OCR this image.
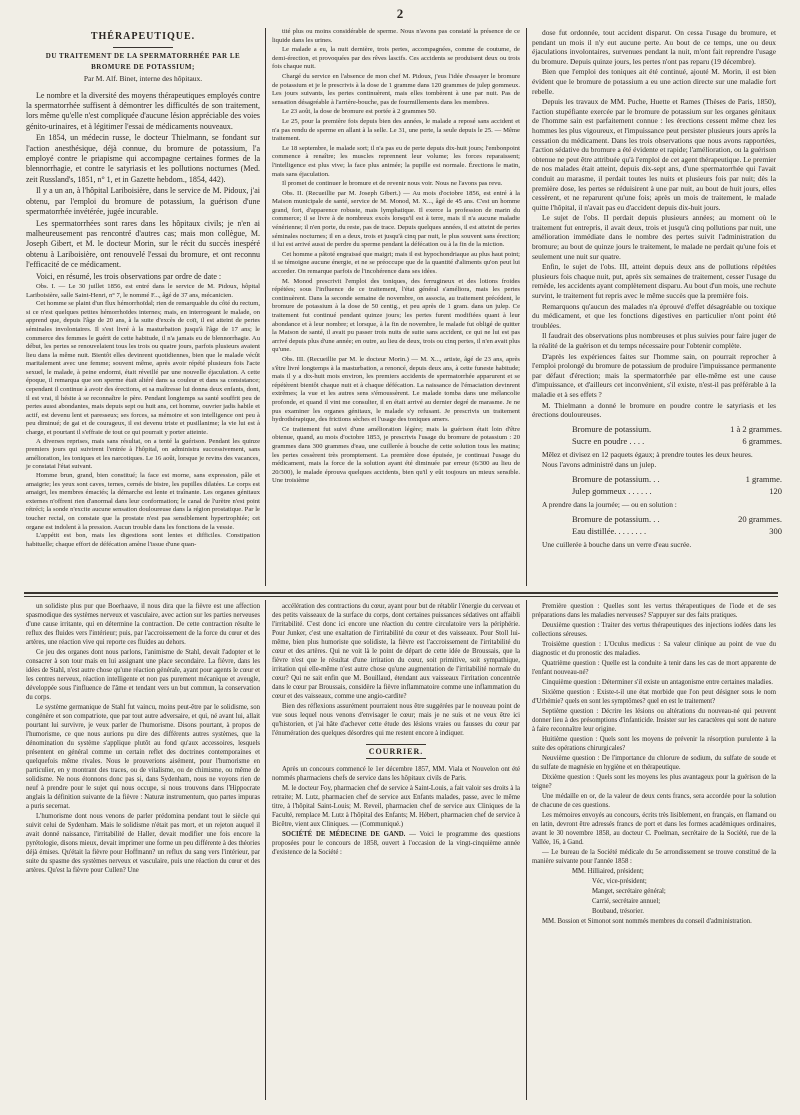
2
THÉRAPEUTIQUE.
DU TRAITEMENT DE LA SPERMATORRHÉE PAR LE BROMURE DE POTASSIUM;
Par M. Alf. Binet, interne des hôpitaux.

Le nombre et la diversité des moyens thérapeutiques employés contre la spermatorrhée suffisent à démontrer les difficultés de son traitement, lors même qu'elle n'est compliquée d'aucune lésion appréciable des voies génito-urinaires, et à légitimer l'essai de médicaments nouveaux.

En 1854, un médecin russe, le docteur Thielmann, se fondant sur l'action anesthésique, déjà connue, du bromure de potassium, l'a employé contre le priapisme qui accompagne certaines formes de la blennorrhagie, et contre le satyriasis et les pollutions nocturnes (Med. zeit Russland's, 1851, n° 1, et in Gazette hebdom., 1854, 442).

Il y a un an, à l'hôpital Lariboisière, dans le service de M. Pidoux, j'ai obtenu, par l'emploi du bromure de potassium, la guérison d'une spermatorrhée invétérée, jugée incurable.

Les spermatorrhées sont rares dans les hôpitaux civils; je n'en ai malheureusement pas rencontré d'autres cas; mais mon collègue, M. Joseph Gibert, et M. le docteur Morin, sur le récit du succès inespéré obtenu à Lariboisière, ont renouvelé l'essai du bromure, et ont reconnu l'efficacité de ce médicament.

Voici, en résumé, les trois observations par ordre de date :

Obs. I. — Le 30 juillet 1856, est entré dans le service de M. Pidoux, hôpital Lariboisière, salle Saint-Henri, n° 7, le nommé F..., âgé de 37 ans, mécanicien.

Cet homme se plaint d'un flux hémorrhoïdal; rien de remarquable du côté du rectum, si ce n'est quelques petites hémorrhoïdes internes; mais, en interrogeant le malade, on apprend que, depuis l'âge de 20 ans, à la suite d'excès de coït, il est atteint de pertes séminales involontaires. Il s'est livré à la masturbation jusqu'à l'âge de 17 ans; le commerce des femmes le guérit de cette habitude, il n'a jamais eu de blennorrhagie. Au début, les pertes se renouvelaient tous les trois ou quatre jours, parfois plusieurs avaient lieu dans la même nuit. Bientôt elles devinrent quotidiennes, bien que le malade vécût maritalement avec une femme; souvent même, après avoir répété plusieurs fois l'acte sexuel, le malade, à peine endormi, était réveillé par une nouvelle éjaculation. A cette époque, il remarqua que son sperme était altéré dans sa couleur et dans sa consistance; cependant il continue à avoir des érections, et sa maîtresse lui donna deux enfants, dont, il est vrai, il hésite à se reconnaître le père. Pendant longtemps sa santé souffrit peu de pertes aussi abondantes, mais depuis sept ou huit ans, cet homme, ouvrier jadis habile et actif, est devenu lent et paresseux; ses forces, sa mémoire et son intelligence ont peu à peu diminué; de gai et de courageux, il est devenu triste et pusillanime; la vie lui est à charge, et pourtant il s'effraie de tout ce qui pourrait y porter atteinte.

A diverses reprises, mais sans résultat, on a tenté la guérison. Pendant les quinze premiers jours qui suivirent l'entrée à l'hôpital, on administra successivement, sans amélioration, les toniques et les narcotiques. Le 16 août, lorsque je revins des vacances, je constatai l'état suivant.

Homme brun, grand, bien constitué; la face est morne, sans expression, pâle et amaigrie; les yeux sont caves, ternes, cernés de bistre, les pupilles dilatées. Le corps est amaigri, les membres émaciés; la démarche est lente et traînante. Les organes génitaux externes n'offrent rien d'anormal dans leur conformation; le canal de l'urètre n'est point rétréci; la sonde n'excite aucune sensation douloureuse dans la région prostatique. Par le toucher rectal, on constate que la prostate n'est pas sensiblement hypertrophiée; cet organe est indolent à la pression. Aucun trouble dans les fonctions de la vessie.

L'appétit est bon, mais les digestions sont lentes et difficiles. Constipation habituelle; chaque effort de défécation amène l'issue d'une quan-

tité plus ou moins considérable de sperme. Nous n'avons pas constaté la présence de ce liquide dans les urines.

Le malade a eu, la nuit dernière, trois pertes, accompagnées, comme de coutume, de demi-érection, et provoquées par des rêves lascifs. Ces accidents se produisent deux ou trois fois chaque nuit.

Chargé du service en l'absence de mon chef M. Pidoux, j'eus l'idée d'essayer le bromure de potassium et je le prescrivis à la dose de 1 gramme dans 120 grammes de julep gommeux. Les jours suivants, les pertes continuèrent, mais elles tombèrent à une par nuit. Pas de sensation désagréable à l'arrière-bouche, pas de fourmillements dans les membres.

Le 23 août, la dose de bromure est portée à 2 grammes 50.

Le 25, pour la première fois depuis bien des années, le malade a reposé sans accident et n'a pas rendu de sperme en allant à la selle. Le 31, une perte, la seule depuis le 25. — Même traitement.

Le 18 septembre, le malade sort; il n'a pas eu de perte depuis dix-huit jours; l'embonpoint commence à renaître; les muscles reprennent leur volume; les forces reparaissent; l'intelligence est plus vive; la face plus animée; la pupille est normale. Érections le matin, mais sans éjaculation.

Il promet de continuer le bromure et de revenir nous voir. Nous ne l'avons pas revu.

Obs. II. (Recueillie par M. Joseph Gibert.) — Au mois d'octobre 1856, est entré à la Maison municipale de santé, service de M. Monod, M. X..., âgé de 45 ans. C'est un homme grand, fort, d'apparence robuste, mais lymphatique. Il exerce la profession de marin du commerce; il se livre à de nombreux excès lorsqu'il est à terre, mais il n'a aucune maladie vénérienne; il n'en porte, du reste, pas de trace. Depuis quelques années, il est atteint de pertes séminales nocturnes; il en a deux, trois et jusqu'à cinq par nuit, le plus souvent sans érection; il lui est arrivé aussi de perdre du sperme pendant la défécation ou à la fin de la miction.

Cet homme a pâtoté engraissé que maigri; mais il est hypochondriaque au plus haut point; il se témoigne aucune énergie, et ne se préoccupe que de la quantité d'aliments qu'on peut lui accorder. On remarque parfois de l'incohérence dans ses idées.

M. Monod prescrivit l'emploi des toniques, des ferrugineux et des lotions froides répétées; sous l'influence de ce traitement, l'état général s'améliora, mais les pertes continuèrent. Dans la seconde semaine de novembre, on associa, au traitement précédent, le bromure de potassium à la dose de 50 centig., et peu après de 1 gram. dans un julep. Ce traitement fut continué pendant quinze jours; les pertes furent modifiées quant à leur abondance et à leur nombre; et lorsque, à la fin de novembre, le malade fut obligé de quitter la Maison de santé, il avait pu passer trois nuits de suite sans accident, ce qui ne lui est pas arrivé depuis plus d'une année; en outre, au lieu de deux, trois ou cinq pertes, il n'en avait plus qu'une.

Obs. III. (Recueillie par M. le docteur Morin.) — M. X..., artiste, âgé de 23 ans, après s'être livré longtemps à la masturbation, a renoncé, depuis deux ans, à cette funeste habitude; mais il y a dix-huit mois environ, les premiers accidents de spermatorrhée apparurent et se répétèrent bientôt chaque nuit et à chaque défécation. La naissance de l'émaciation devinrent extrêmes; la vue et les autres sens s'émoussèrent. Le malade tomba dans une mélancolie profonde, et quand il vint me consulter, il en était arrivé au dernier degré de marasme. Je ne pus examiner les organes génitaux, le malade s'y refusant. Je prescrivis un traitement hydrothérapique, des frictions sèches et l'usage des toniques amers.

Ce traitement fut suivi d'une amélioration légère; mais la guérison était loin d'être obtenue, quand, au mois d'octobre 1853, je prescrivis l'usage du bromure de potassium : 20 grammes dans 300 grammes d'eau, une cuillerée à bouche de cette solution tous les matins; les pertes cessèrent très promptement. La première dose épuisée, je continuai l'usage du médicament, mais la force de la solution ayant été diminuée par erreur (6/300 au lieu de 20/300), le malade éprouva quelques accidents, bien qu'il y eût toujours un mieux sensible. Une troisième

dose fut ordonnée, tout accident disparut. On cessa l'usage du bromure, et pendant un mois il n'y eut aucune perte. Au bout de ce temps, une ou deux éjaculations involontaires, survenues pendant la nuit, m'ont fait reprendre l'usage du bromure. Depuis quinze jours, les pertes n'ont pas reparu (19 décembre).

Bien que l'emploi des toniques ait été continué, ajouté M. Morin, il est bien évident que le bromure de potassium a eu une action directe sur une maladie fort rebelle.

Depuis les travaux de MM. Puche, Huette et Rames (Thèses de Paris, 1850), l'action stupéfiante exercée par le bromure de potassium sur les organes génitaux de l'homme sain est parfaitement connue : les érections cessent même chez les hommes les plus vigoureux, et l'impuissance peut persister plusieurs jours après la cessation du médicament. Dans les trois observations que nous avons rapportées, l'action sédative du bromure a été évidente et rapide; l'amélioration, ou la guérison obtenue ne peut être attribuée qu'à l'emploi de cet agent thérapeutique. Le premier de nos malades était atteint, depuis dix-sept ans, d'une spermatorrhée qui l'avait conduit au marasme, il perdait toutes les nuits et plusieurs fois par nuit; dès la première dose, les pertes se réduisirent à une par nuit, au bout de huit jours, elles cessèrent, et ne reparurent qu'une fois; après un mois de traitement, le malade quitte l'hôpital, il n'avait pas eu d'accident depuis dix-huit jours.

Le sujet de l'obs. II perdait depuis plusieurs années; au moment où le traitement fut entrepris, il avait deux, trois et jusqu'à cinq pollutions par nuit, une amélioration immédiate dans le nombre des pertes suivit l'administration du bromure; au bout de quinze jours le traitement, le malade ne perdait qu'une fois et seulement une nuit sur quatre.

Enfin, le sujet de l'obs. III, atteint depuis deux ans de pollutions répétées plusieurs fois chaque nuit, put, après six semaines de traitement, cesser l'usage du remède, les accidents ayant complètement disparu. Au bout d'un mois, une rechute survint, le traitement fut repris avec le même succès que la première fois.

Remarquons qu'aucun des malades n'a éprouvé d'effet désagréable ou toxique du médicament, et que les fonctions digestives en particulier n'ont point été troublées.

Il faudrait des observations plus nombreuses et plus suivies pour faire juger de la réalité de la guérison et du temps nécessaire pour l'obtenir complète.

D'après les expériences faites sur l'homme sain, on pourrait reprocher à l'emploi prolongé du bromure de potassium de produire l'impuissance permanente par défaut d'érection; mais la spermatorrhée par elle-même est une cause d'impuissance, et d'ailleurs cet inconvénient, s'il existe, n'est-il pas préférable à la maladie et à ses effets ?

M. Thielmann a donné le bromure en poudre contre le satyriasis et les érections douloureuses.

Bromure de potassium.	1 à 2 grammes.
Sucre en poudre . . . .	6 grammes.

Mêlez et divisez en 12 paquets égaux; à prendre toutes les deux heures.

Nous l'avons administré dans un julep.

Bromure de potassium. . .	1 gramme.
Julep gommeux . . . . . .	120

A prendre dans la journée; — ou en solution :

Bromure de potassium. . .	20 grammes.
Eau distillée. . . . . . . .	300

Une cuillerée à bouche dans un verre d'eau sucrée.

un solidiste plus pur que Boerhaave, il nous dira que la fièvre est une affection spasmodique des systèmes nerveux et vasculaire, avec action sur les parties nerveuses d'une cause irritante, qui en détermine la contraction. De cette contraction résulte le reflux des fluides vers l'intérieur; puis, par l'accroissement de la force du cœur et des artères, une réaction vive qui reporte ces fluides au dehors.

Ce jeu des organes dont nous parlons, l'animisme de Stahl, devait l'adopter et le consacrer à son tour mais en lui assignant une place secondaire. La fièvre, dans les idées de Stahl, n'est autre chose qu'une réaction générale, ayant pour agents le cœur et les centres nerveux, réaction intelligente et non pas purement mécanique et aveugle, développée sous l'influence de l'âme et tendant vers un but commun, la conservation du corps.

Le système germanique de Stahl fut vaincu, moins peut-être par le solidisme, son congénère et son compatriote, que par tout autre adversaire, et qui, né avant lui, allait pourtant lui survivre, je veux parler de l'humorisme. Disons pourtant, à propos de l'humorisme, ce que nous aurions pu dire des différents autres systèmes, que la dénomination du système s'applique plutôt au fond qu'aux accessoires, lesquels présentent en général comme un certain reflet des doctrines contemporaines et quelquefois même rivales. Nous le prouverions aisément, pour l'humorisme en particulier, en y montrant des traces, ou de vitalisme, ou de chimisme, ou même de solidisme. Ne nous étonnons donc pas si, dans Sydenham, nous ne voyons rien de neuf à prendre pour le sujet qui nous occupe, si nous trouvons dans l'Hippocrate anglais la définition suivante de la fièvre : Naturæ instrumentum, quo partes impuras a puris secernat.

L'humorisme dont nous venons de parler prédomina pendant tout le siècle qui suivit celui de Sydenham. Mais le solidisme n'était pas mort, et un rejeton auquel il avait donné naissance, l'irritabilité de Haller, devait modifier une fois encore la pyrétologie, disons mieux, devait imprimer une forme un peu différente à des théories déjà émises. Qu'était la fièvre pour Hoffmann? un reflux du sang vers l'intérieur, par suite du spasme des systèmes nerveux et vasculaire, puis une réaction du cœur et des artères. Qu'est la fièvre pour Cullen? Une

accélération des contractions du cœur, ayant pour but de rétablir l'énergie du cerveau et des petits vaisseaux de la surface du corps, dont certaines puissances sédatives ont affaibli l'irritabilité. C'est donc ici encore une réaction du centre circulatoire vers la périphérie. Pour Junker, c'est une exaltation de l'irritabilité du cœur et des vaisseaux. Pour Stoll lui-même, bien plus humoriste que solidiste, la fièvre est l'accroissement de l'irritabilité du cœur et des artères. Qui ne voit là le point de départ de cette idée de Broussais, que la fièvre n'est que le résultat d'une irritation du cœur, soit primitive, soit sympathique, irritation qui elle-même n'est autre chose qu'une augmentation de l'irritabilité normale du cœur? Qui ne sait enfin que M. Bouillaud, étendant aux vaisseaux l'irritation concentrée dans le cœur par Broussais, considère la fièvre inflammatoire comme une inflammation du cœur et des vaisseaux, comme une angio-cardite?

Bien des réflexions assurément pourraient nous être suggérées par le nouveau point de vue sous lequel nous venons d'envisager le cœur; mais je ne suis et ne veux être ici qu'historien, et j'ai hâte d'achever cette étude des lésions vraies ou fausses du cœur par l'énumération des quelques désordres qui me restent encore à indiquer.

COURRIER.

Après un concours commencé le 1er décembre 1857, MM. Viala et Nouvelon ont été nommés pharmaciens chefs de service dans les hôpitaux civils de Paris.

M. le docteur Foy, pharmacien chef de service à Saint-Louis, a fait valoir ses droits à la retraite; M. Lutz, pharmacien chef de service aux Enfants malades, passe, avec le même titre, à l'hôpital Saint-Louis; M. Reveil, pharmacien chef de service aux Cliniques de la Faculté, remplace M. Lutz à l'hôpital des Enfants; M. Hébert, pharmacien chef de service à Bicêtre, vient aux Cliniques. — (Communiqué.)

SOCIÉTÉ DE MÉDECINE DE GAND. — Voici le programme des questions proposées pour le concours de 1858, ouvert à l'occasion de la vingt-cinquième année d'existence de la Société :

Première question : Quelles sont les vertus thérapeutiques de l'iode et de ses préparations dans les maladies nerveuses? S'appuyer sur des faits pratiques.

Deuxième question : Traiter des vertus thérapeutiques des injections iodées dans les collections séreuses.

Troisième question : L'Oculus medicus : Sa valeur clinique au point de vue du diagnostic et du pronostic des maladies.

Quatrième question : Quelle est la conduite à tenir dans les cas de mort apparente de l'enfant nouveau-né?

Cinquième question : Déterminer s'il existe un antagonisme entre certaines maladies.

Sixième question : Existe-t-il une état morbide que l'on peut désigner sous le nom d'Urhémie? quels en sont les symptômes? quel en est le traitement?

Septième question : Décrire les lésions ou altérations du nouveau-né qui peuvent donner lieu à des présomptions d'infanticide. Insister sur les caractères qui sont de nature à faire reconnaître leur origine.

Huitième question : Quels sont les moyens de prévenir la résorption purulente à la suite des opérations chirurgicales?

Neuvième question : De l'importance du chlorure de sodium, du sulfate de soude et du sulfate de magnésie en hygiène et en thérapeutique.

Dixième question : Quels sont les moyens les plus avantageux pour la guérison de la teigne?

Une médaille en or, de la valeur de deux cents francs, sera accordée pour la solution de chacune de ces questions.

Les mémoires envoyés au concours, écrits très lisiblement, en français, en flamand ou en latin, devront être adressés francs de port et dans les formes académiques ordinaires, avant le 30 novembre 1858, au docteur C. Poelman, secrétaire de la Société, rue de la Vallée, 16, à Gand.

— Le bureau de la Société médicale du 5e arrondissement se trouve constitué de la manière suivante pour l'année 1858 :

MM. Hilliaired, président;

Véc, vice-président;

Manget, secrétaire général;

Carrié, secrétaire annuel;

Boubaud, trésorier.

MM. Bossion et Simonot sont nommés membres du conseil d'administration.
